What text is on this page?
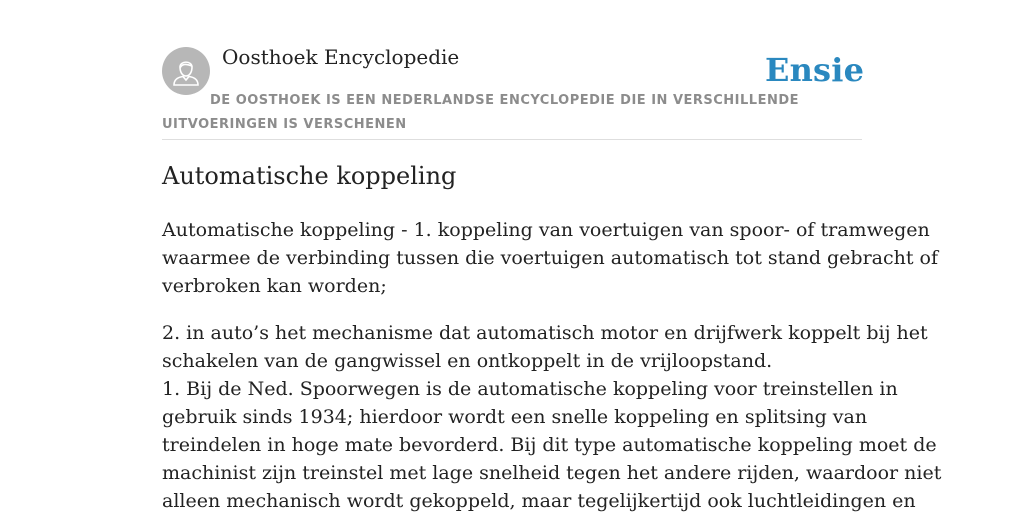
Oosthoek Encyclopedie	Ensie
DE OOSTHOEK IS EEN NEDERLANDSE ENCYCLOPEDIE DIE IN VERSCHILLENDE UITVOERINGEN IS VERSCHENEN
Automatische koppeling

Automatische koppeling - 1. koppeling van voertuigen van spoor- of tramwegen

waarmee de verbinding tussen die voertuigen automatisch tot stand gebracht of

verbroken kan worden;

2. in auto’s het mechanisme dat automatisch motor en drijfwerk koppelt bij het

schakelen van de gangwissel en ontkoppelt in de vrijloopstand.

1. Bij de Ned. Spoorwegen is de automatische koppeling voor treinstellen in

gebruik sinds 1934; hierdoor wordt een snelle koppeling en splitsing van

treindelen in hoge mate bevorderd. Bij dit type automatische koppeling moet de

machinist zijn treinstel met lage snelheid tegen het andere rijden, waardoor niet

alleen mechanisch wordt gekoppeld, maar tegelijkertijd ook luchtleidingen en
